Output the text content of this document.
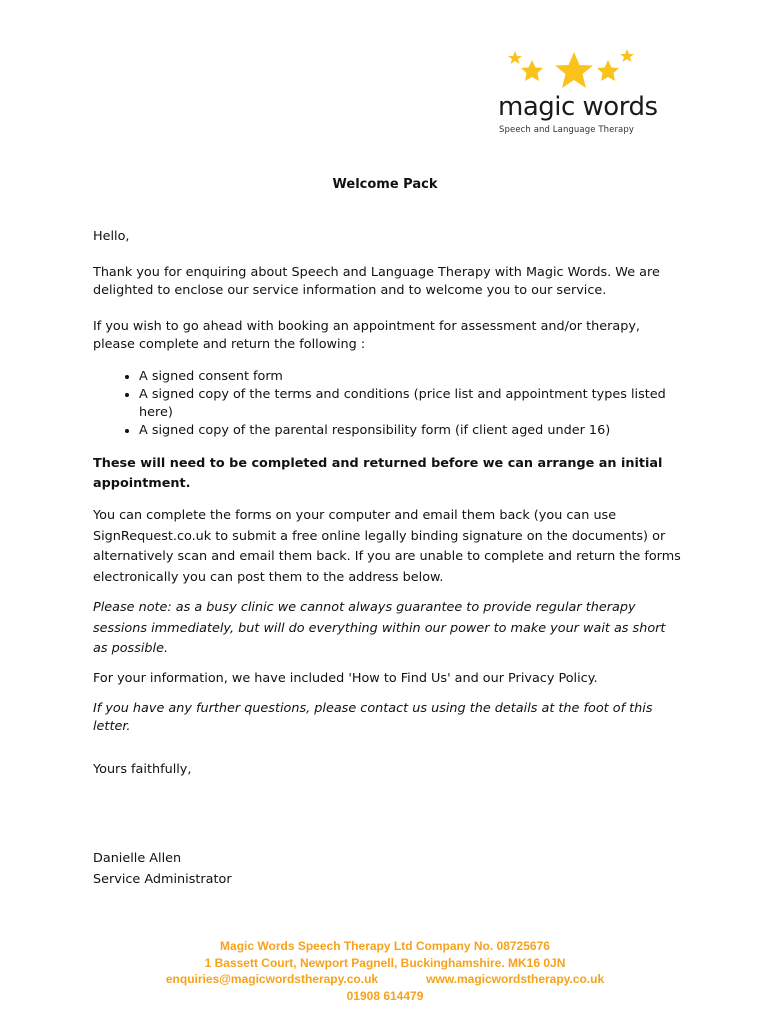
magic words
Speech and Language Therapy
Welcome Pack

Hello,

Thank you for enquiring about Speech and Language Therapy with Magic Words. We are delighted to enclose our service information and to welcome you to our service.

If you wish to go ahead with booking an appointment for assessment and/or therapy, please complete and return the following :

• A signed consent form
• A signed copy of the terms and conditions (price list and appointment types listed here)
• A signed copy of the parental responsibility form (if client aged under 16)

These will need to be completed and returned before we can arrange an initial appointment.

You can complete the forms on your computer and email them back (you can use SignRequest.co.uk to submit a free online legally binding signature on the documents) or alternatively scan and email them back. If you are unable to complete and return the forms electronically you can post them to the address below.

Please note: as a busy clinic we cannot always guarantee to provide regular therapy sessions immediately, but will do everything within our power to make your wait as short as possible.

For your information, we have included 'How to Find Us' and our Privacy Policy.

If you have any further questions, please contact us using the details at the foot of this letter.

Yours faithfully,
Danielle Allen
Service Administrator
Magic Words Speech Therapy Ltd Company No. 08725676
1 Bassett Court, Newport Pagnell, Buckinghamshire. MK16 0JN
enquiries@magicwordstherapy.co.uk	www.magicwordstherapy.co.uk
01908 614479
